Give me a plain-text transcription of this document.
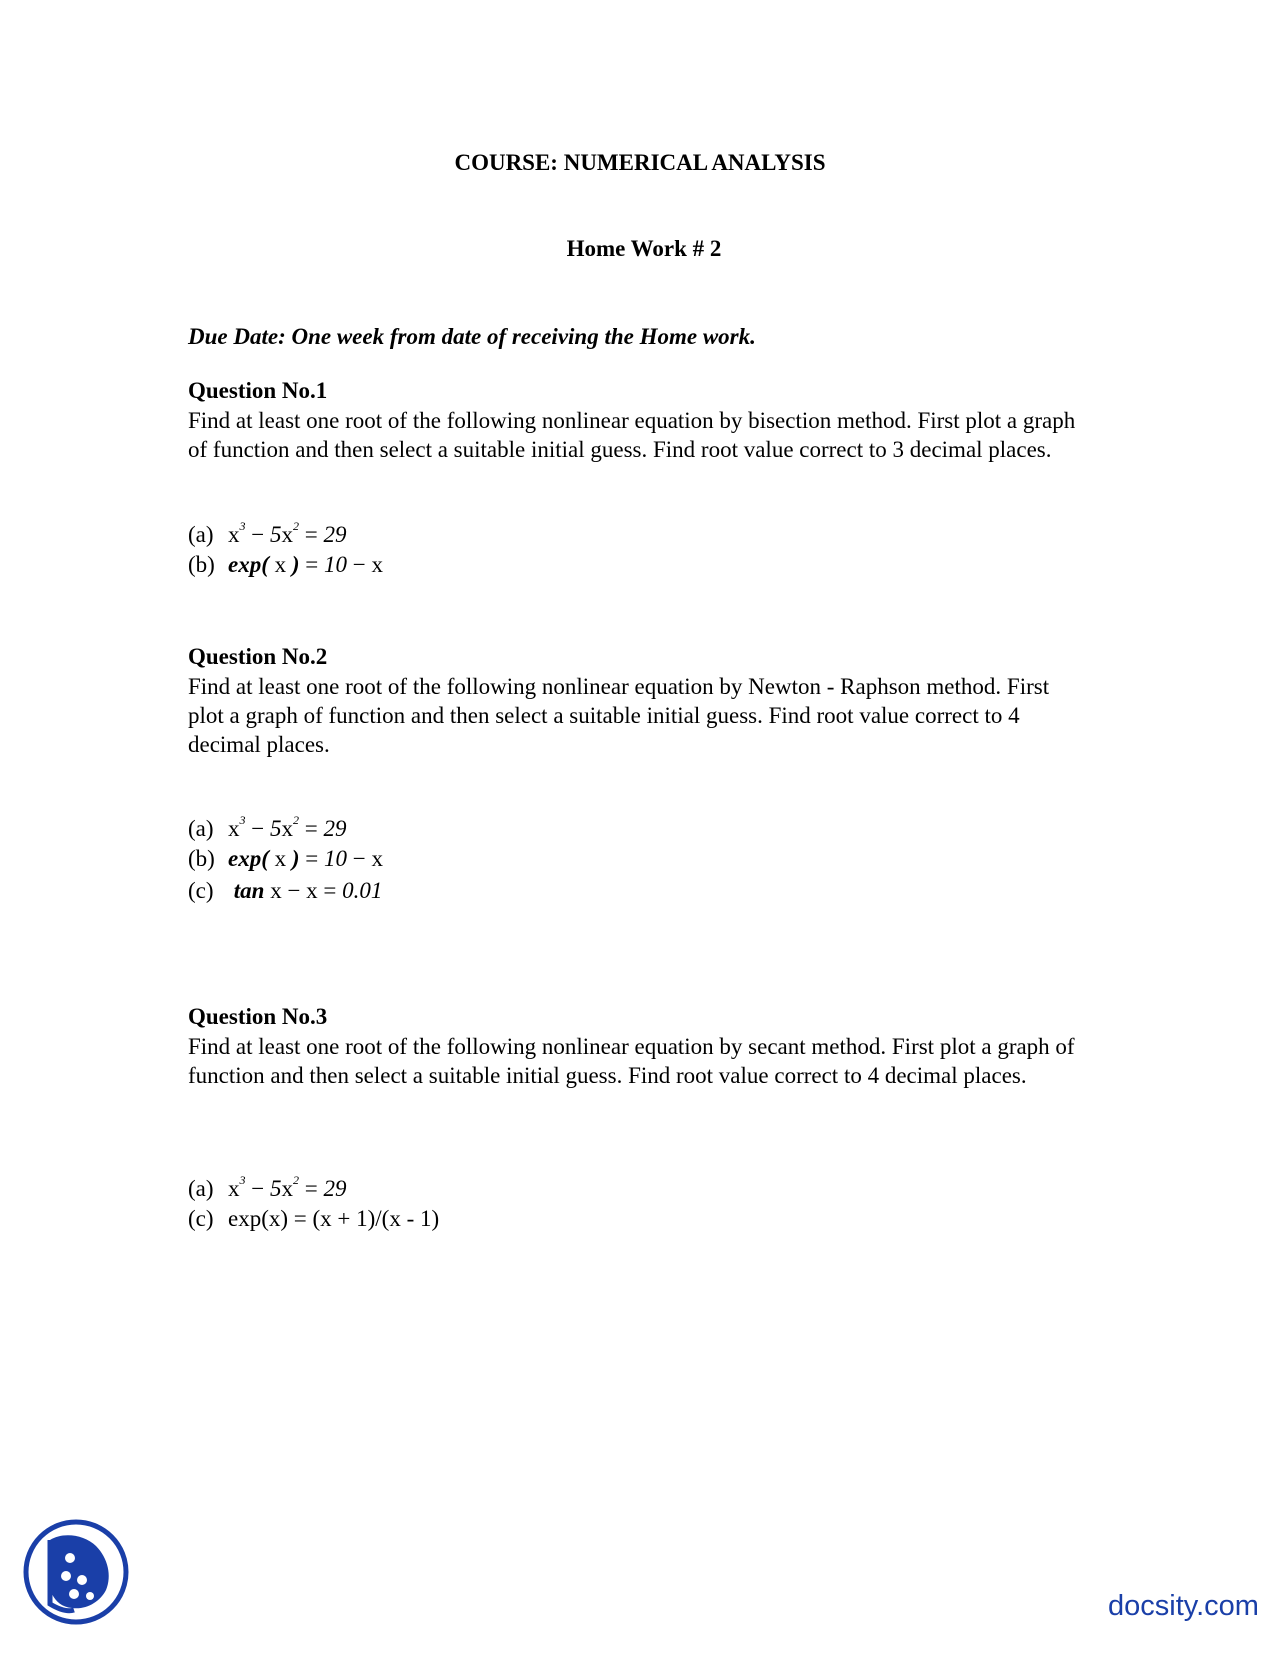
COURSE: NUMERICAL ANALYSIS
Home Work # 2
Due Date: One week from date of receiving the Home work.
Question No.1
Find at least one root of the following nonlinear equation by bisection method. First plot a graph of function and then select a suitable initial guess. Find root value correct to 3 decimal places.
(a) $x^3 - 5x^2 = 29$
(b) exp( x ) = 10 − x
Question No.2
Find at least one root of the following nonlinear equation by Newton - Raphson method. First plot a graph of function and then select a suitable initial guess. Find root value correct to 4 decimal places.
(a) $x^3 - 5x^2 = 29$
(b) exp( x ) = 10 − x
(c) tan x − x = 0.01
Question No.3
Find at least one root of the following nonlinear equation by secant method. First plot a graph of function and then select a suitable initial guess. Find root value correct to 4 decimal places.
(a) $x^3 - 5x^2 = 29$
(c) exp(x) = (x + 1)/(x - 1)
docsity.com
